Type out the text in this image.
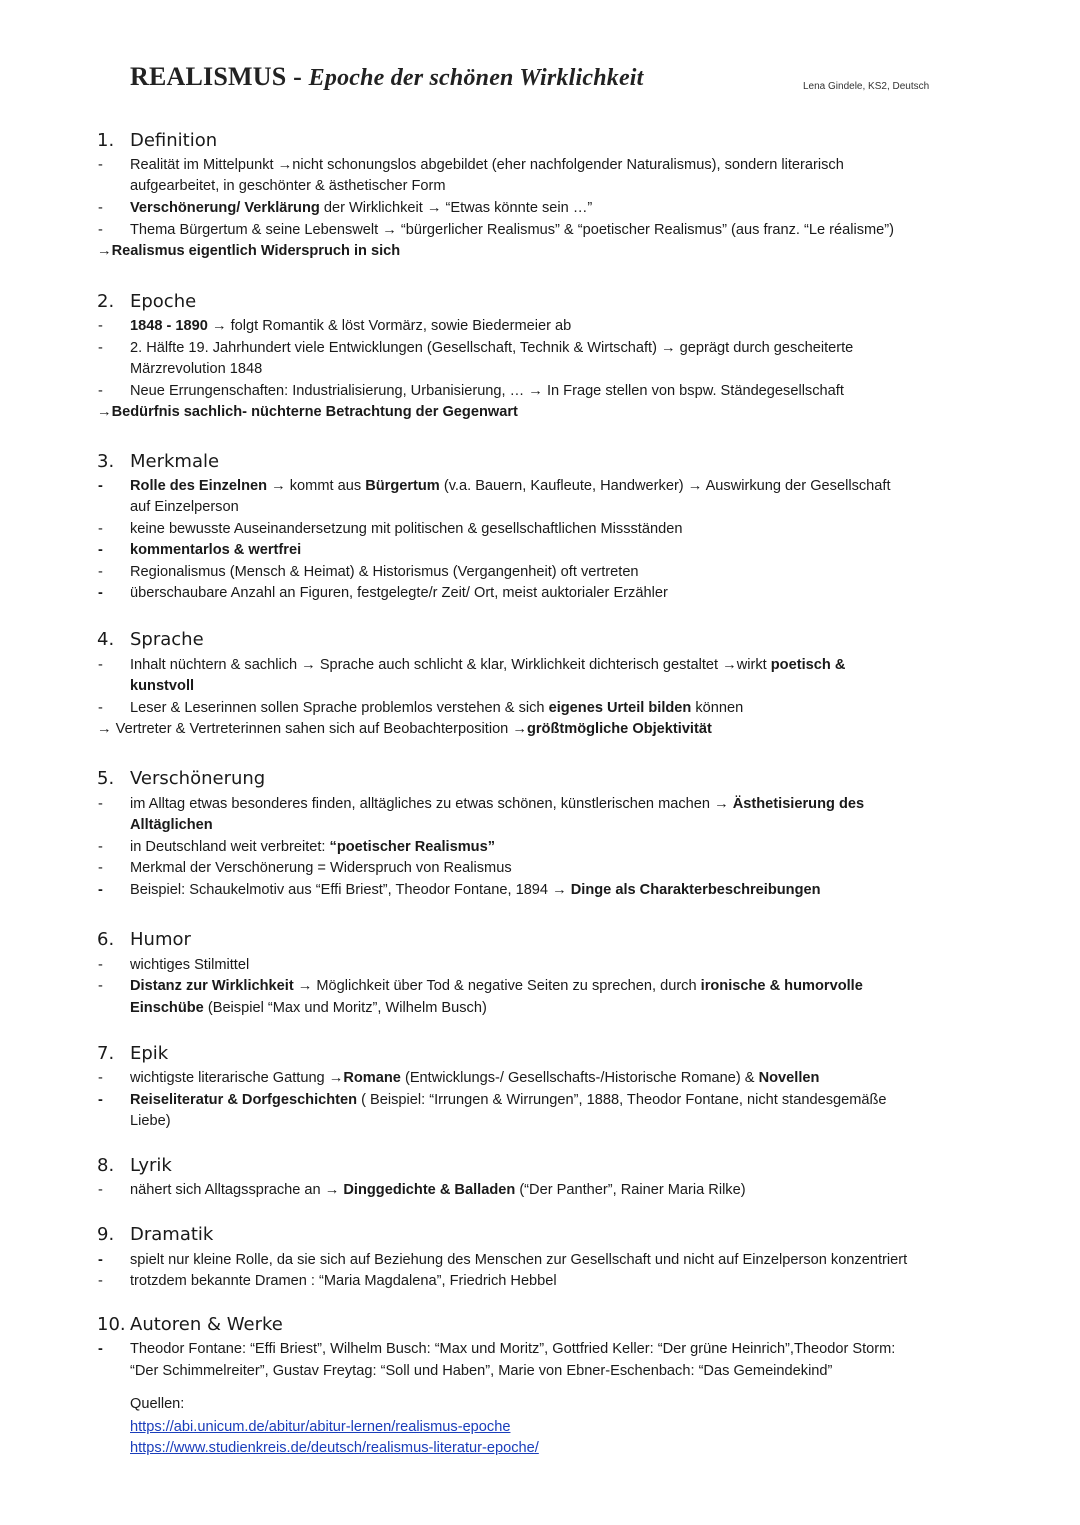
REALISMUS - Epoche der schönen Wirklichkeit	Lena Gindele, KS2, Deutsch
1. Definition
- Realität im Mittelpunkt →nicht schonungslos abgebildet (eher nachfolgender Naturalismus), sondern literarisch
aufgearbeitet, in geschönter & ästhetischer Form
- Verschönerung/ Verklärung der Wirklichkeit → “Etwas könnte sein …”
- Thema Bürgertum & seine Lebenswelt → “bürgerlicher Realismus” & “poetischer Realismus” (aus franz. “Le réalisme”)
→Realismus eigentlich Widerspruch in sich
2. Epoche
- 1848 - 1890 → folgt Romantik & löst Vormärz, sowie Biedermeier ab
- 2. Hälfte 19. Jahrhundert viele Entwicklungen (Gesellschaft, Technik & Wirtschaft) → geprägt durch gescheiterte
Märzrevolution 1848
- Neue Errungenschaften: Industrialisierung, Urbanisierung, … → In Frage stellen von bspw. Ständegesellschaft
→Bedürfnis sachlich- nüchterne Betrachtung der Gegenwart
3. Merkmale
- Rolle des Einzelnen → kommt aus Bürgertum (v.a. Bauern, Kaufleute, Handwerker) → Auswirkung der Gesellschaft
auf Einzelperson
- keine bewusste Auseinandersetzung mit politischen & gesellschaftlichen Missständen
- kommentarlos & wertfrei
- Regionalismus (Mensch & Heimat) & Historismus (Vergangenheit) oft vertreten
- überschaubare Anzahl an Figuren, festgelegte/r Zeit/ Ort, meist auktorialer Erzähler
4. Sprache
- Inhalt nüchtern & sachlich → Sprache auch schlicht & klar, Wirklichkeit dichterisch gestaltet →wirkt poetisch &
kunstvoll
- Leser & Leserinnen sollen Sprache problemlos verstehen & sich eigenes Urteil bilden können
→ Vertreter & Vertreterinnen sahen sich auf Beobachterposition →größtmögliche Objektivität
5. Verschönerung
- im Alltag etwas besonderes finden, alltägliches zu etwas schönen, künstlerischen machen → Ästhetisierung des
Alltäglichen
- in Deutschland weit verbreitet: “poetischer Realismus”
- Merkmal der Verschönerung = Widerspruch von Realismus
- Beispiel: Schaukelmotiv aus “Effi Briest”, Theodor Fontane, 1894 → Dinge als Charakterbeschreibungen
6. Humor
- wichtiges Stilmittel
- Distanz zur Wirklichkeit → Möglichkeit über Tod & negative Seiten zu sprechen, durch ironische & humorvolle
Einschübe (Beispiel “Max und Moritz”, Wilhelm Busch)
7. Epik
- wichtigste literarische Gattung →Romane (Entwicklungs-/ Gesellschafts-/Historische Romane) & Novellen
- Reiseliteratur & Dorfgeschichten ( Beispiel: “Irrungen & Wirrungen”, 1888, Theodor Fontane, nicht standesgemäße
Liebe)
8. Lyrik
- nähert sich Alltagssprache an → Dinggedichte & Balladen (“Der Panther”, Rainer Maria Rilke)
9. Dramatik
- spielt nur kleine Rolle, da sie sich auf Beziehung des Menschen zur Gesellschaft und nicht auf Einzelperson konzentriert
- trotzdem bekannte Dramen : “Maria Magdalena”, Friedrich Hebbel
10. Autoren & Werke
- Theodor Fontane: “Effi Briest”, Wilhelm Busch: “Max und Moritz”, Gottfried Keller: “Der grüne Heinrich”,Theodor Storm:
“Der Schimmelreiter”, Gustav Freytag: “Soll und Haben”, Marie von Ebner-Eschenbach: “Das Gemeindekind”
Quellen:
https://abi.unicum.de/abitur/abitur-lernen/realismus-epoche
https://www.studienkreis.de/deutsch/realismus-literatur-epoche/
